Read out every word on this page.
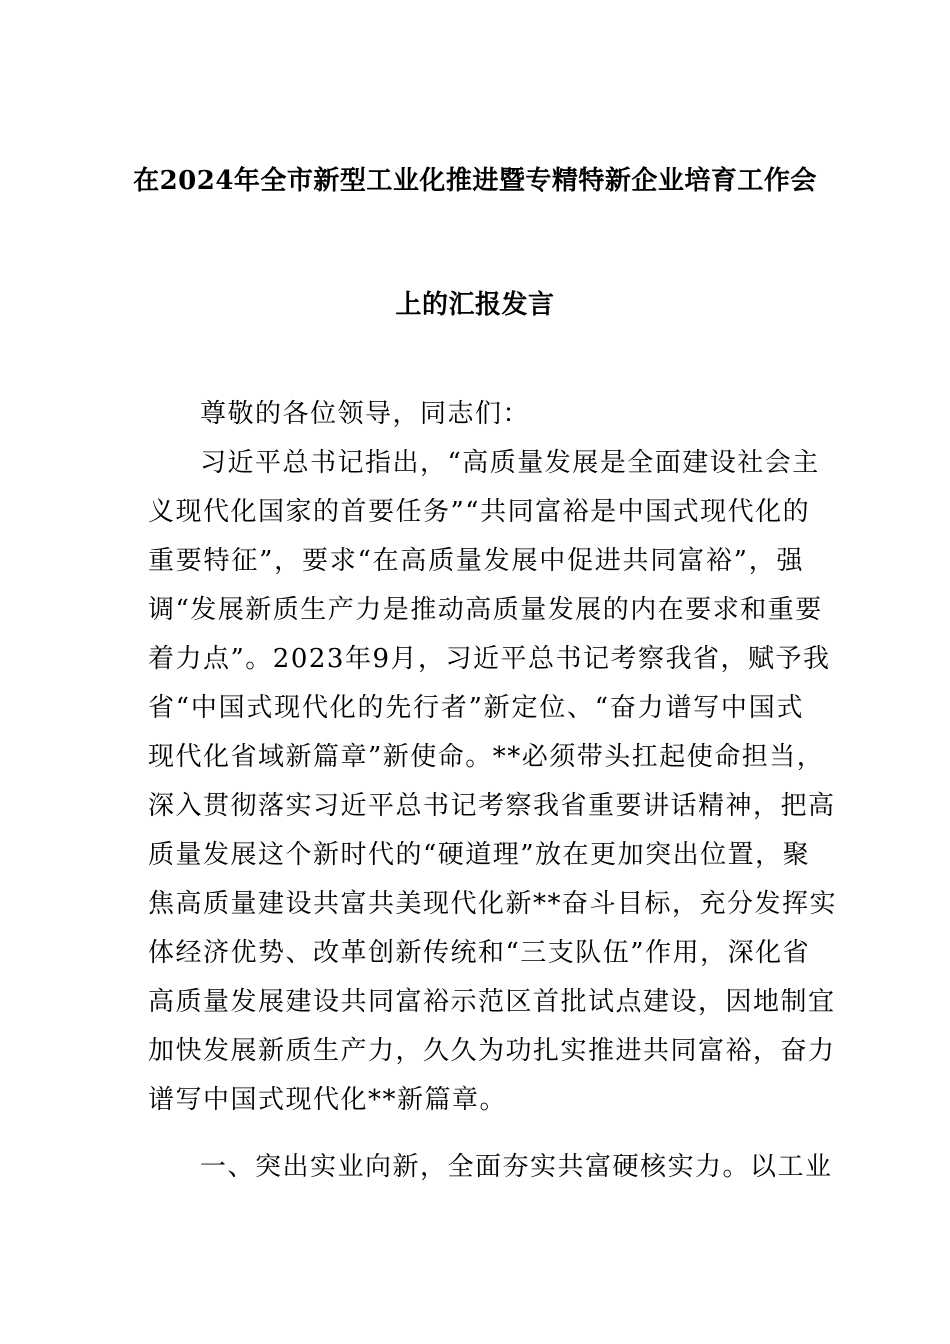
在2024年全市新型工业化推进暨专精特新企业培育工作会
上的汇报发言
尊敬的各位领导，同志们：
习近平总书记指出，“高质量发展是全面建设社会主
义现代化国家的首要任务”“共同富裕是中国式现代化的
重要特征”，要求“在高质量发展中促进共同富裕”，强
调“发展新质生产力是推动高质量发展的内在要求和重要
着力点”。2023年9月，习近平总书记考察我省，赋予我
省“中国式现代化的先行者”新定位、“奋力谱写中国式
现代化省域新篇章”新使命。**必须带头扛起使命担当，
深入贯彻落实习近平总书记考察我省重要讲话精神，把高
质量发展这个新时代的“硬道理”放在更加突出位置，聚
焦高质量建设共富共美现代化新**奋斗目标，充分发挥实
体经济优势、改革创新传统和“三支队伍”作用，深化省
高质量发展建设共同富裕示范区首批试点建设，因地制宜
加快发展新质生产力，久久为功扎实推进共同富裕，奋力
谱写中国式现代化**新篇章。
一、突出实业向新，全面夯实共富硬核实力。以工业
